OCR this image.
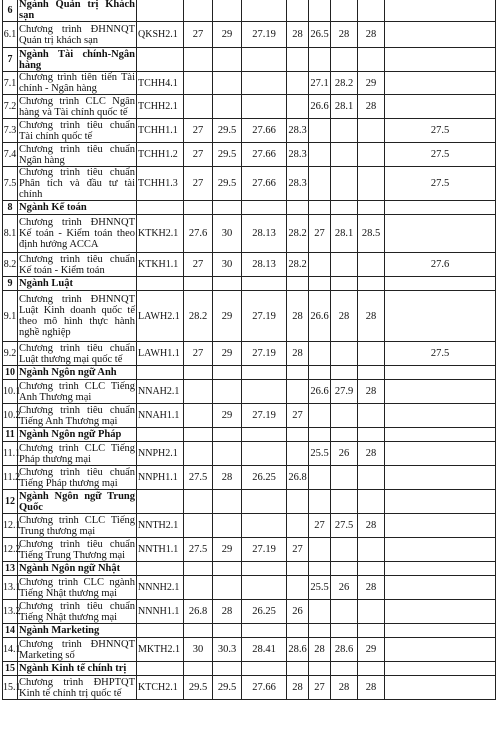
6	Ngành Quản trị Khách sạn									
6.1	Chương trình ĐHNNQT Quản trị khách sạn	QKSH2.1	27	29	27.19	28	26.5	28	28	
7	Ngành Tài chính-Ngân hàng									
7.1	Chương trình tiên tiến Tài chính - Ngân hàng	TCHH4.1					27.1	28.2	29	
7.2	Chương trình CLC Ngân hàng và Tài chính quốc tế	TCHH2.1					26.6	28.1	28	
7.3	Chương trình tiêu chuẩn Tài chính quốc tế	TCHH1.1	27	29.5	27.66	28.3				27.5
7.4	Chương trình tiêu chuẩn Ngân hàng	TCHH1.2	27	29.5	27.66	28.3				27.5
7.5	Chương trình tiêu chuẩn Phân tích và đầu tư tài chính	TCHH1.3	27	29.5	27.66	28.3				27.5
8	Ngành Kế toán									
8.1	Chương trình ĐHNNQT Kế toán - Kiểm toán theo định hướng ACCA	KTKH2.1	27.6	30	28.13	28.2	27	28.1	28.5	
8.2	Chương trình tiêu chuẩn Kế toán - Kiểm toán	KTKH1.1	27	30	28.13	28.2				27.6
9	Ngành Luật									
9.1	Chương trình ĐHNNQT Luật Kinh doanh quốc tế theo mô hình thực hành nghề nghiệp	LAWH2.1	28.2	29	27.19	28	26.6	28	28	
9.2	Chương trình tiêu chuẩn Luật thương mại quốc tế	LAWH1.1	27	29	27.19	28				27.5
10	Ngành Ngôn ngữ Anh									
10.1	Chương trình CLC Tiếng Anh Thương mại	NNAH2.1					26.6	27.9	28	
10.2	Chương trình tiêu chuẩn Tiếng Anh Thương mại	NNAH1.1		29	27.19	27				
11	Ngành Ngôn ngữ Pháp									
11.1	Chương trình CLC Tiếng Pháp thương mại	NNPH2.1					25.5	26	28	
11.2	Chương trình tiêu chuẩn Tiếng Pháp thương mại	NNPH1.1	27.5	28	26.25	26.8				
12	Ngành Ngôn ngữ Trung Quốc									
12.1	Chương trình CLC Tiếng Trung thương mại	NNTH2.1					27	27.5	28	
12.2	Chương trình tiêu chuẩn Tiếng Trung Thương mại	NNTH1.1	27.5	29	27.19	27				
13	Ngành Ngôn ngữ Nhật									
13.1	Chương trình CLC ngành Tiếng Nhật thương mại	NNNH2.1					25.5	26	28	
13.2	Chương trình tiêu chuẩn Tiếng Nhật thương mại	NNNH1.1	26.8	28	26.25	26				
14	Ngành Marketing									
14.1	Chương trình ĐHNNQT Marketing số	MKTH2.1	30	30.3	28.41	28.6	28	28.6	29	
15	Ngành Kinh tế chính trị									
15.1	Chương trình ĐHPTQT Kinh tế chính trị quốc tế	KTCH2.1	29.5	29.5	27.66	28	27	28	28	
